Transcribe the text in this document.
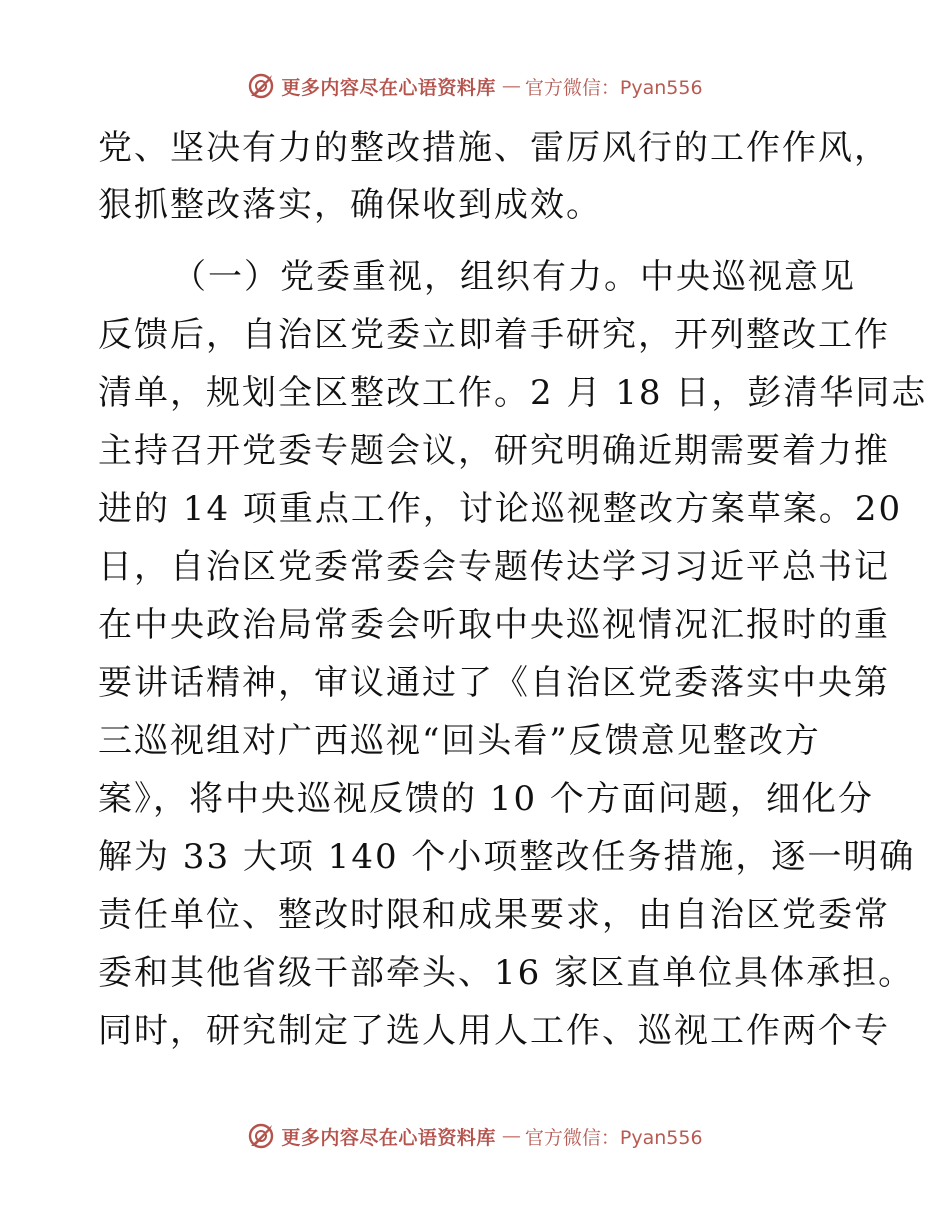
更多内容尽在心语资料库 — 官方微信：Pyan556
党、坚决有力的整改措施、雷厉风行的工作作风，
狠抓整改落实，确保收到成效。
（一）党委重视，组织有力。中央巡视意见
反馈后，自治区党委立即着手研究，开列整改工作
清单，规划全区整改工作。2 月 18 日，彭清华同志
主持召开党委专题会议，研究明确近期需要着力推
进的 14 项重点工作，讨论巡视整改方案草案。20
日，自治区党委常委会专题传达学习习近平总书记
在中央政治局常委会听取中央巡视情况汇报时的重
要讲话精神，审议通过了《自治区党委落实中央第
三巡视组对广西巡视“回头看”反馈意见整改方
案》，将中央巡视反馈的 10 个方面问题，细化分
解为 33 大项 140 个小项整改任务措施，逐一明确
责任单位、整改时限和成果要求，由自治区党委常
委和其他省级干部牵头、16 家区直单位具体承担。
同时，研究制定了选人用人工作、巡视工作两个专
更多内容尽在心语资料库 — 官方微信：Pyan556
